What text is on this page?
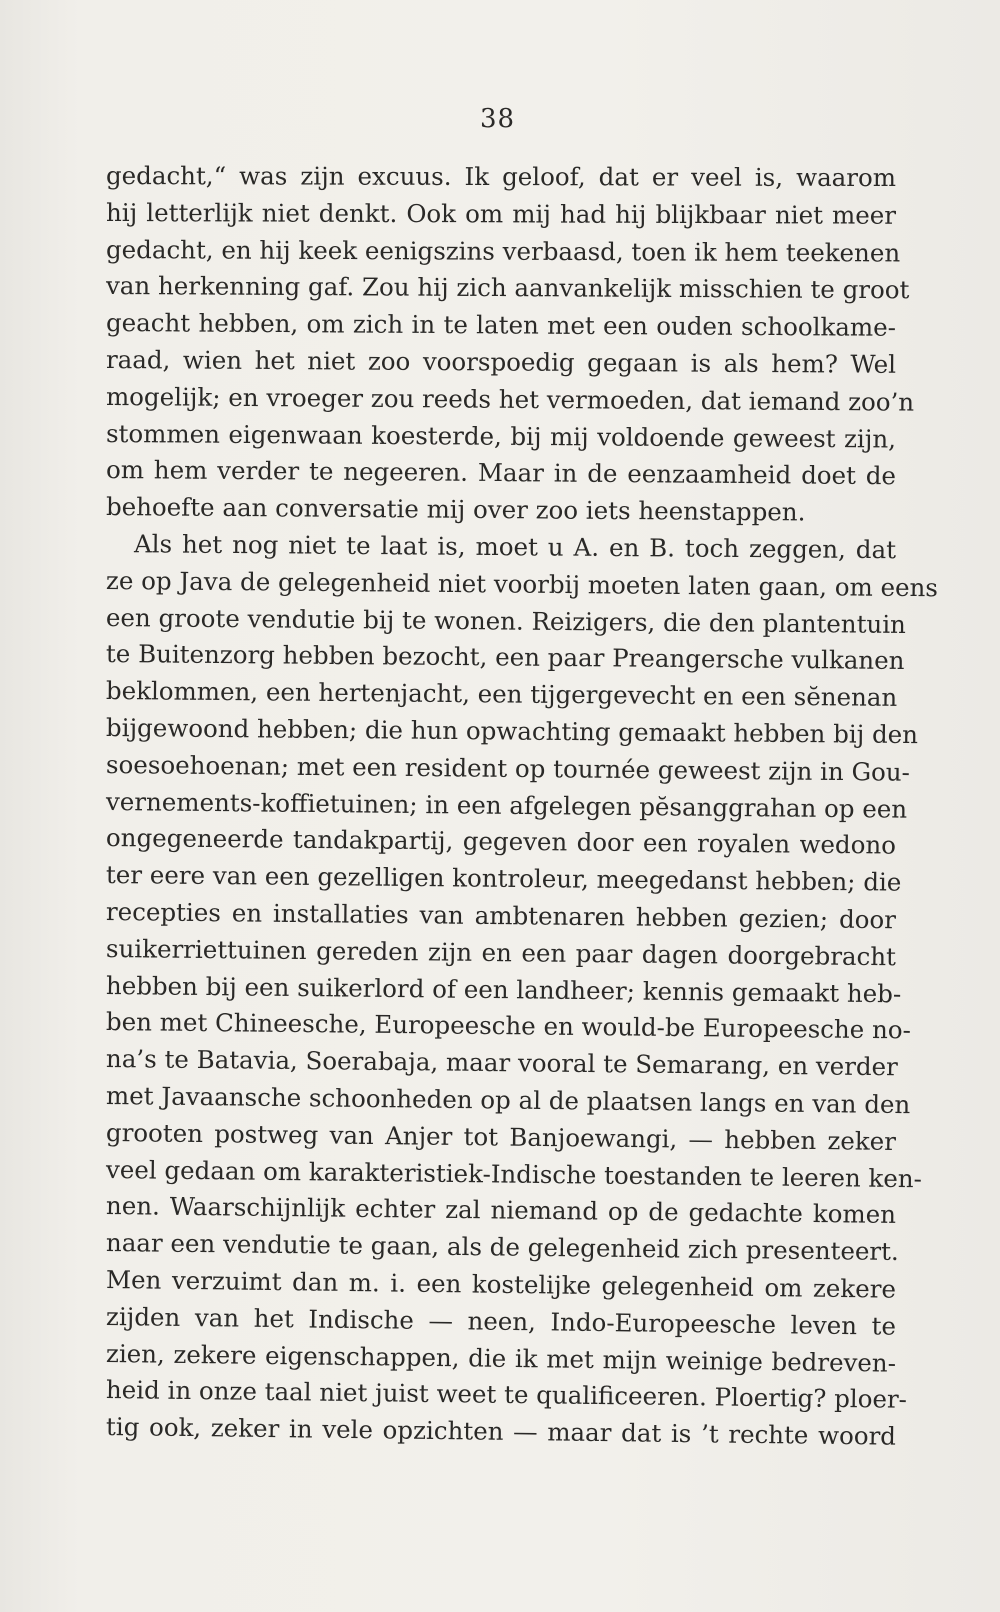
38
gedacht,“ was zijn excuus. Ik geloof, dat er veel is, waarom
hij letterlijk niet denkt. Ook om mij had hij blijkbaar niet meer
gedacht, en hij keek eenigszins verbaasd, toen ik hem teekenen
van herkenning gaf. Zou hij zich aanvankelijk misschien te groot
geacht hebben, om zich in te laten met een ouden schoolkame-
raad, wien het niet zoo voorspoedig gegaan is als hem? Wel
mogelijk; en vroeger zou reeds het vermoeden, dat iemand zoo’n
stommen eigenwaan koesterde, bij mij voldoende geweest zijn,
om hem verder te negeeren. Maar in de eenzaamheid doet de
behoefte aan conversatie mij over zoo iets heenstappen.
Als het nog niet te laat is, moet u A. en B. toch zeggen, dat
ze op Java de gelegenheid niet voorbij moeten laten gaan, om eens
een groote vendutie bij te wonen. Reizigers, die den plantentuin
te Buitenzorg hebben bezocht, een paar Preangersche vulkanen
beklommen, een hertenjacht, een tijgergevecht en een sĕnenan
bijgewoond hebben; die hun opwachting gemaakt hebben bij den
soesoehoenan; met een resident op tournée geweest zijn in Gou-
vernements-koffietuinen; in een afgelegen pĕsanggrahan op een
ongegeneerde tandakpartij, gegeven door een royalen wedono
ter eere van een gezelligen kontroleur, meegedanst hebben; die
recepties en installaties van ambtenaren hebben gezien; door
suikerriettuinen gereden zijn en een paar dagen doorgebracht
hebben bij een suikerlord of een landheer; kennis gemaakt heb-
ben met Chineesche, Europeesche en would-be Europeesche no-
na’s te Batavia, Soerabaja, maar vooral te Semarang, en verder
met Javaansche schoonheden op al de plaatsen langs en van den
grooten postweg van Anjer tot Banjoewangi, — hebben zeker
veel gedaan om karakteristiek-Indische toestanden te leeren ken-
nen. Waarschijnlijk echter zal niemand op de gedachte komen
naar een vendutie te gaan, als de gelegenheid zich presenteert.
Men verzuimt dan m. i. een kostelijke gelegenheid om zekere
zijden van het Indische — neen, Indo-Europeesche leven te
zien, zekere eigenschappen, die ik met mijn weinige bedreven-
heid in onze taal niet juist weet te qualificeeren. Ploertig? ploer-
tig ook, zeker in vele opzichten — maar dat is ’t rechte woord
